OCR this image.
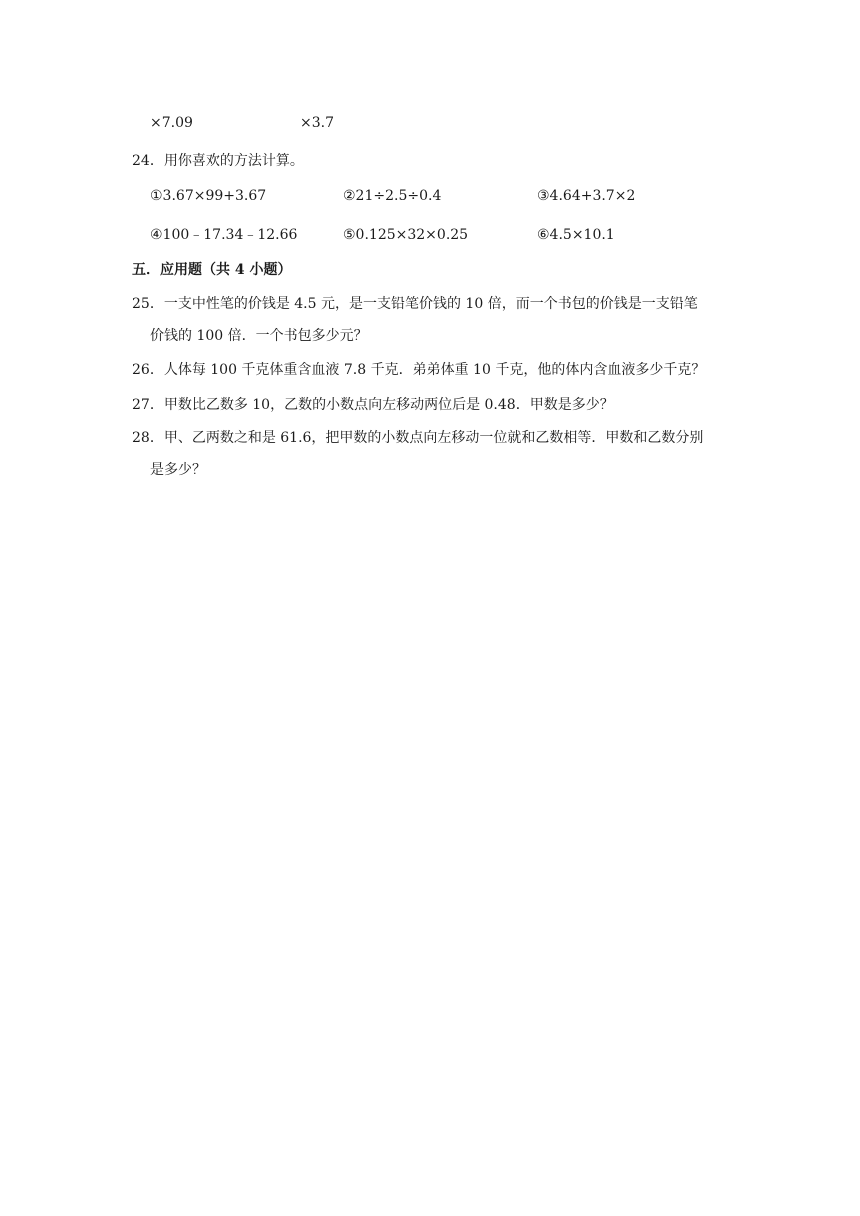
×7.09	×3.7
24．用你喜欢的方法计算。
①3.67×99+3.67	②21÷2.5÷0.4	③4.64+3.7×2
④100﹣17.34﹣12.66	⑤0.125×32×0.25	⑥4.5×10.1
五．应用题（共 4 小题）
25．一支中性笔的价钱是 4.5 元，是一支铅笔价钱的 10 倍，而一个书包的价钱是一支铅笔
价钱的 100 倍．一个书包多少元？
26．人体每 100 千克体重含血液 7.8 千克．弟弟体重 10 千克，他的体内含血液多少千克？
27．甲数比乙数多 10，乙数的小数点向左移动两位后是 0.48．甲数是多少？
28．甲、乙两数之和是 61.6，把甲数的小数点向左移动一位就和乙数相等．甲数和乙数分别
是多少？
